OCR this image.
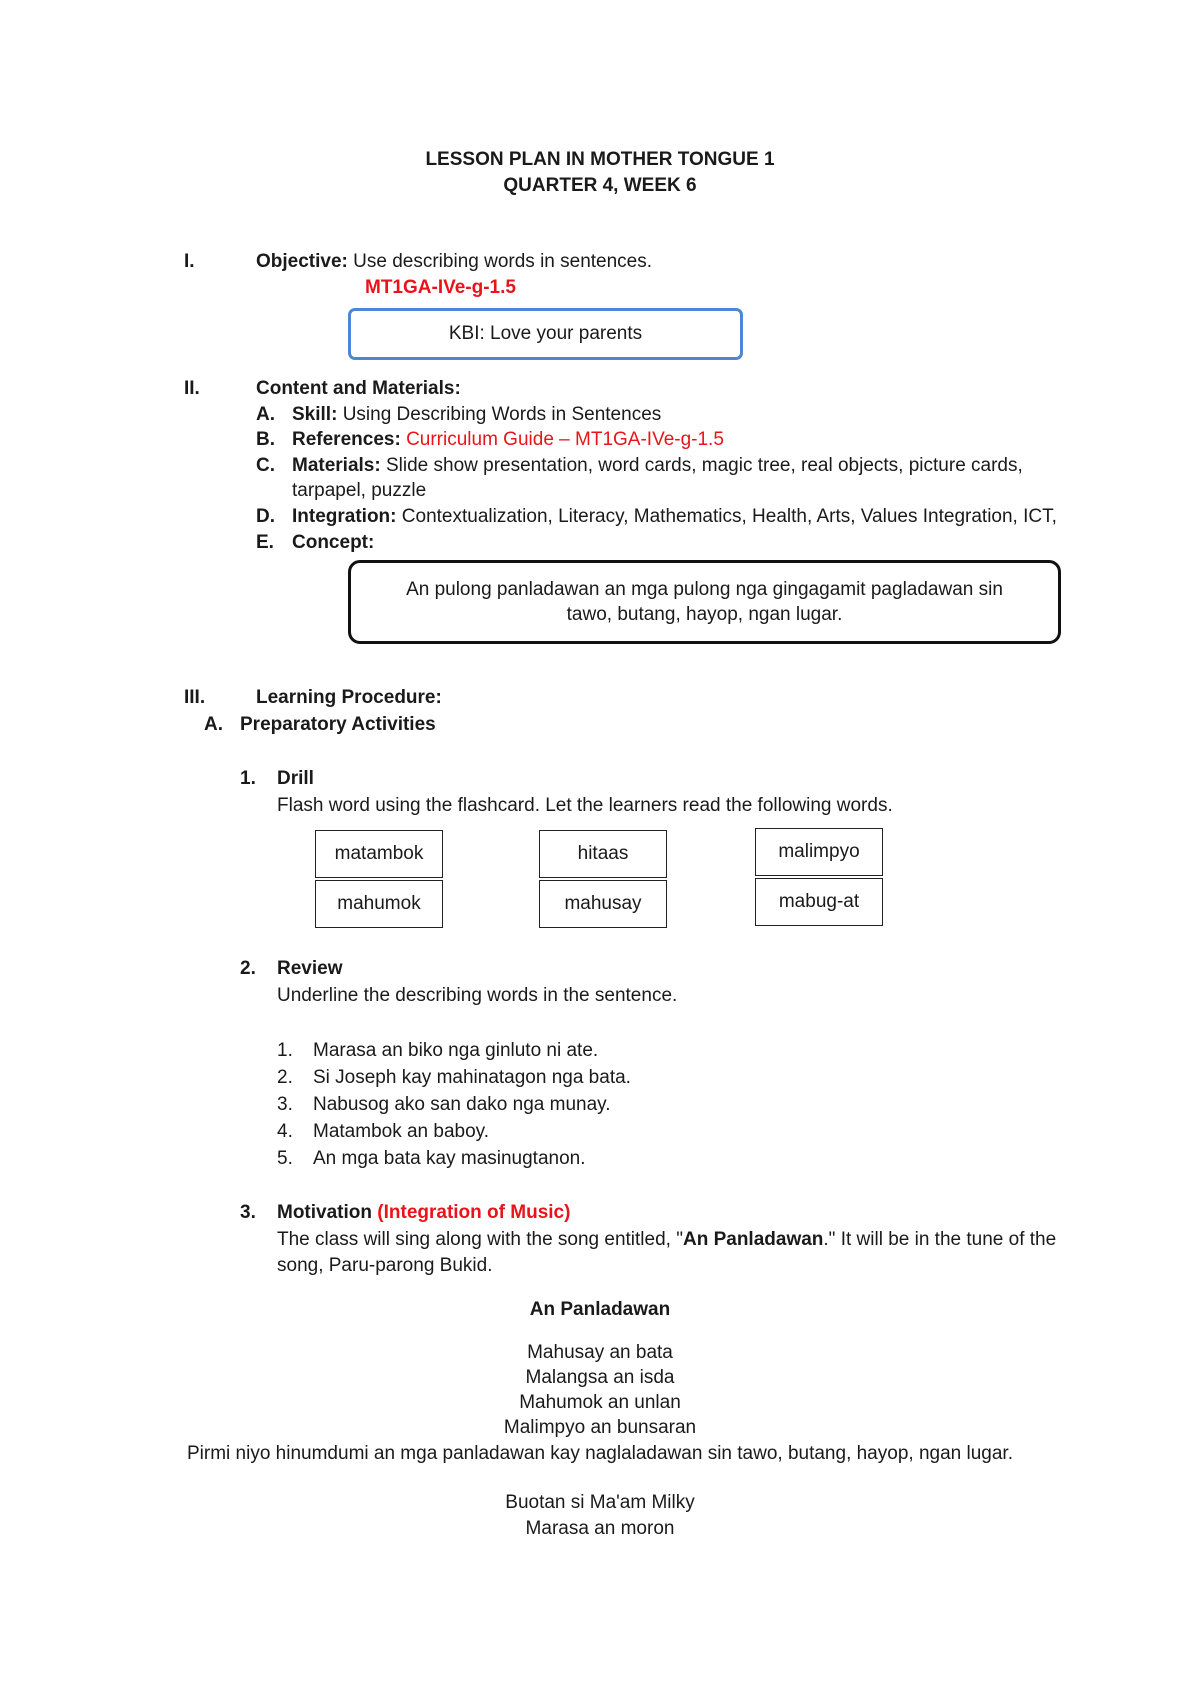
LESSON PLAN IN MOTHER TONGUE 1
QUARTER 4, WEEK 6
I.	Objective: Use describing words in sentences.
MT1GA-IVe-g-1.5
KBI: Love your parents
II.	Content and Materials:
A. Skill: Using Describing Words in Sentences
B. References: Curriculum Guide – MT1GA-IVe-g-1.5
C. Materials: Slide show presentation, word cards, magic tree, real objects, picture cards,
tarpapel, puzzle
D. Integration: Contextualization, Literacy, Mathematics, Health, Arts, Values Integration, ICT,
E. Concept:
An pulong panladawan an mga pulong nga gingagamit pagladawan sin tawo, butang, hayop, ngan lugar.
III.	Learning Procedure:
A. Preparatory Activities
1. Drill
Flash word using the flashcard. Let the learners read the following words.
matambok
mahumok
hitaas
mahusay
malimpyo
mabug-at
2. Review
Underline the describing words in the sentence.
1. Marasa an biko nga ginluto ni ate.
2. Si Joseph kay mahinatagon nga bata.
3. Nabusog ako san dako nga munay.
4. Matambok an baboy.
5. An mga bata kay masinugtanon.
3. Motivation (Integration of Music)
The class will sing along with the song entitled, "An Panladawan." It will be in the tune of the
song, Paru-parong Bukid.
An Panladawan
Mahusay an bata
Malangsa an isda
Mahumok an unlan
Malimpyo an bunsaran
Pirmi niyo hinumdumi an mga panladawan kay naglaladawan sin tawo, butang, hayop, ngan lugar.
Buotan si Ma'am Milky
Marasa an moron
